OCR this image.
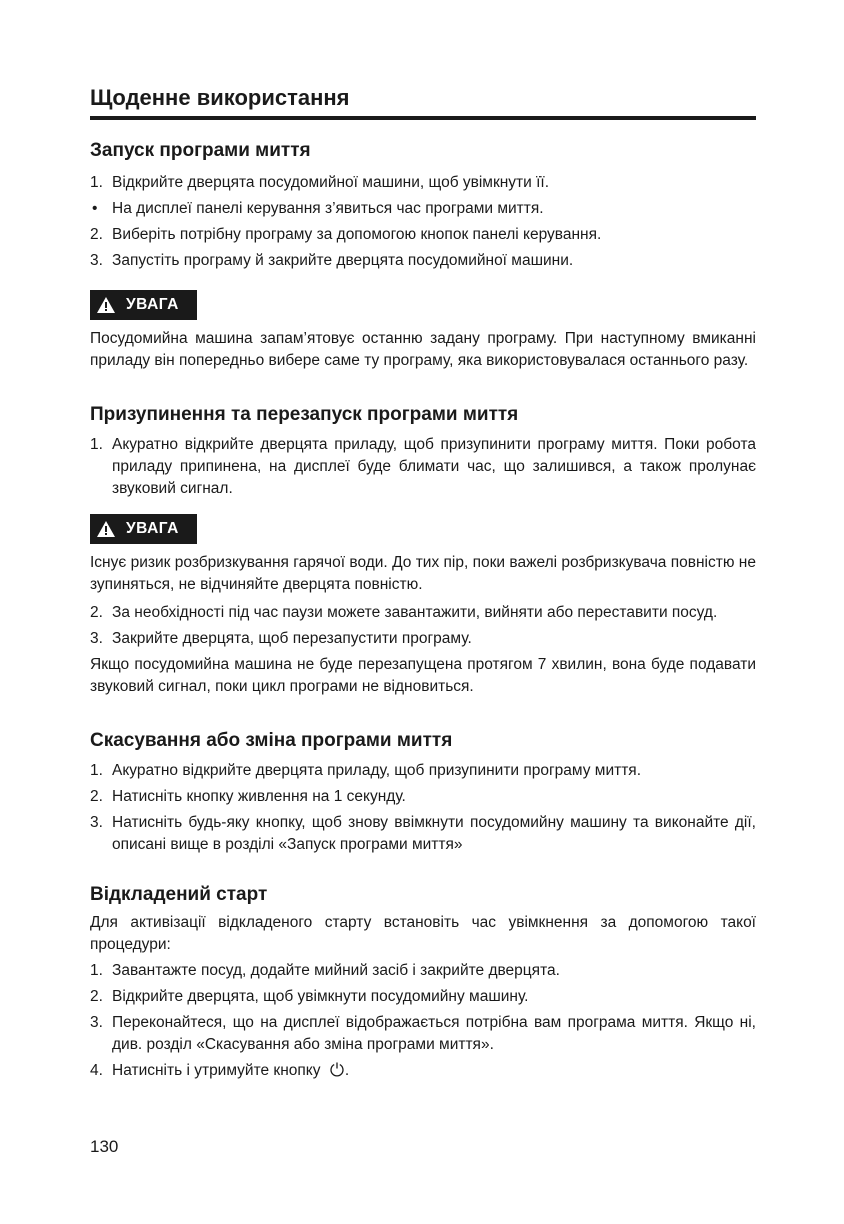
Щоденне використання
Запуск програми миття
1. Відкрийте дверцята посудомийної машини, щоб увімкнути її.
• На дисплеї панелі керування з’явиться час програми миття.
2. Виберіть потрібну програму за допомогою кнопок панелі керування.
3. Запустіть програму й закрийте дверцята посудомийної машини.
УВАГА

Посудомийна машина запам’ятовує останню задану програму. При наступному вмиканні приладу він попередньо вибере саме ту програму, яка використовувалася останнього разу.

Призупинення та перезапуск програми миття
1. Акуратно відкрийте дверцята приладу, щоб призупинити програму миття. Поки робота приладу припинена, на дисплеї буде блимати час, що залишився, а також пролунає звуковий сигнал.
УВАГА

Існує ризик розбризкування гарячої води. До тих пір, поки важелі розбризкувача повністю не зупиняться, не відчиняйте дверцята повністю.

2. За необхідності під час паузи можете завантажити, вийняти або переставити посуд.
3. Закрийте дверцята, щоб перезапустити програму.

Якщо посудомийна машина не буде перезапущена протягом 7 хвилин, вона буде подавати звуковий сигнал, поки цикл програми не відновиться.

Скасування або зміна програми миття
1. Акуратно відкрийте дверцята приладу, щоб призупинити програму миття.
2. Натисніть кнопку живлення на 1 секунду.
3. Натисніть будь-яку кнопку, щоб знову ввімкнути посудомийну машину та виконайте дії, описані вище в розділі «Запуск програми миття»
Відкладений старт

Для активізації відкладеного старту встановіть час увімкнення за допомогою такої процедури:

1. Завантажте посуд, додайте мийний засіб і закрийте дверцята.
2. Відкрийте дверцята, щоб увімкнути посудомийну машину.
3. Переконайтеся, що на дисплеї відображається потрібна вам програма миття. Якщо ні, див. розділ «Скасування або зміна програми миття».
4. Натисніть і утримуйте кнопку .
130
